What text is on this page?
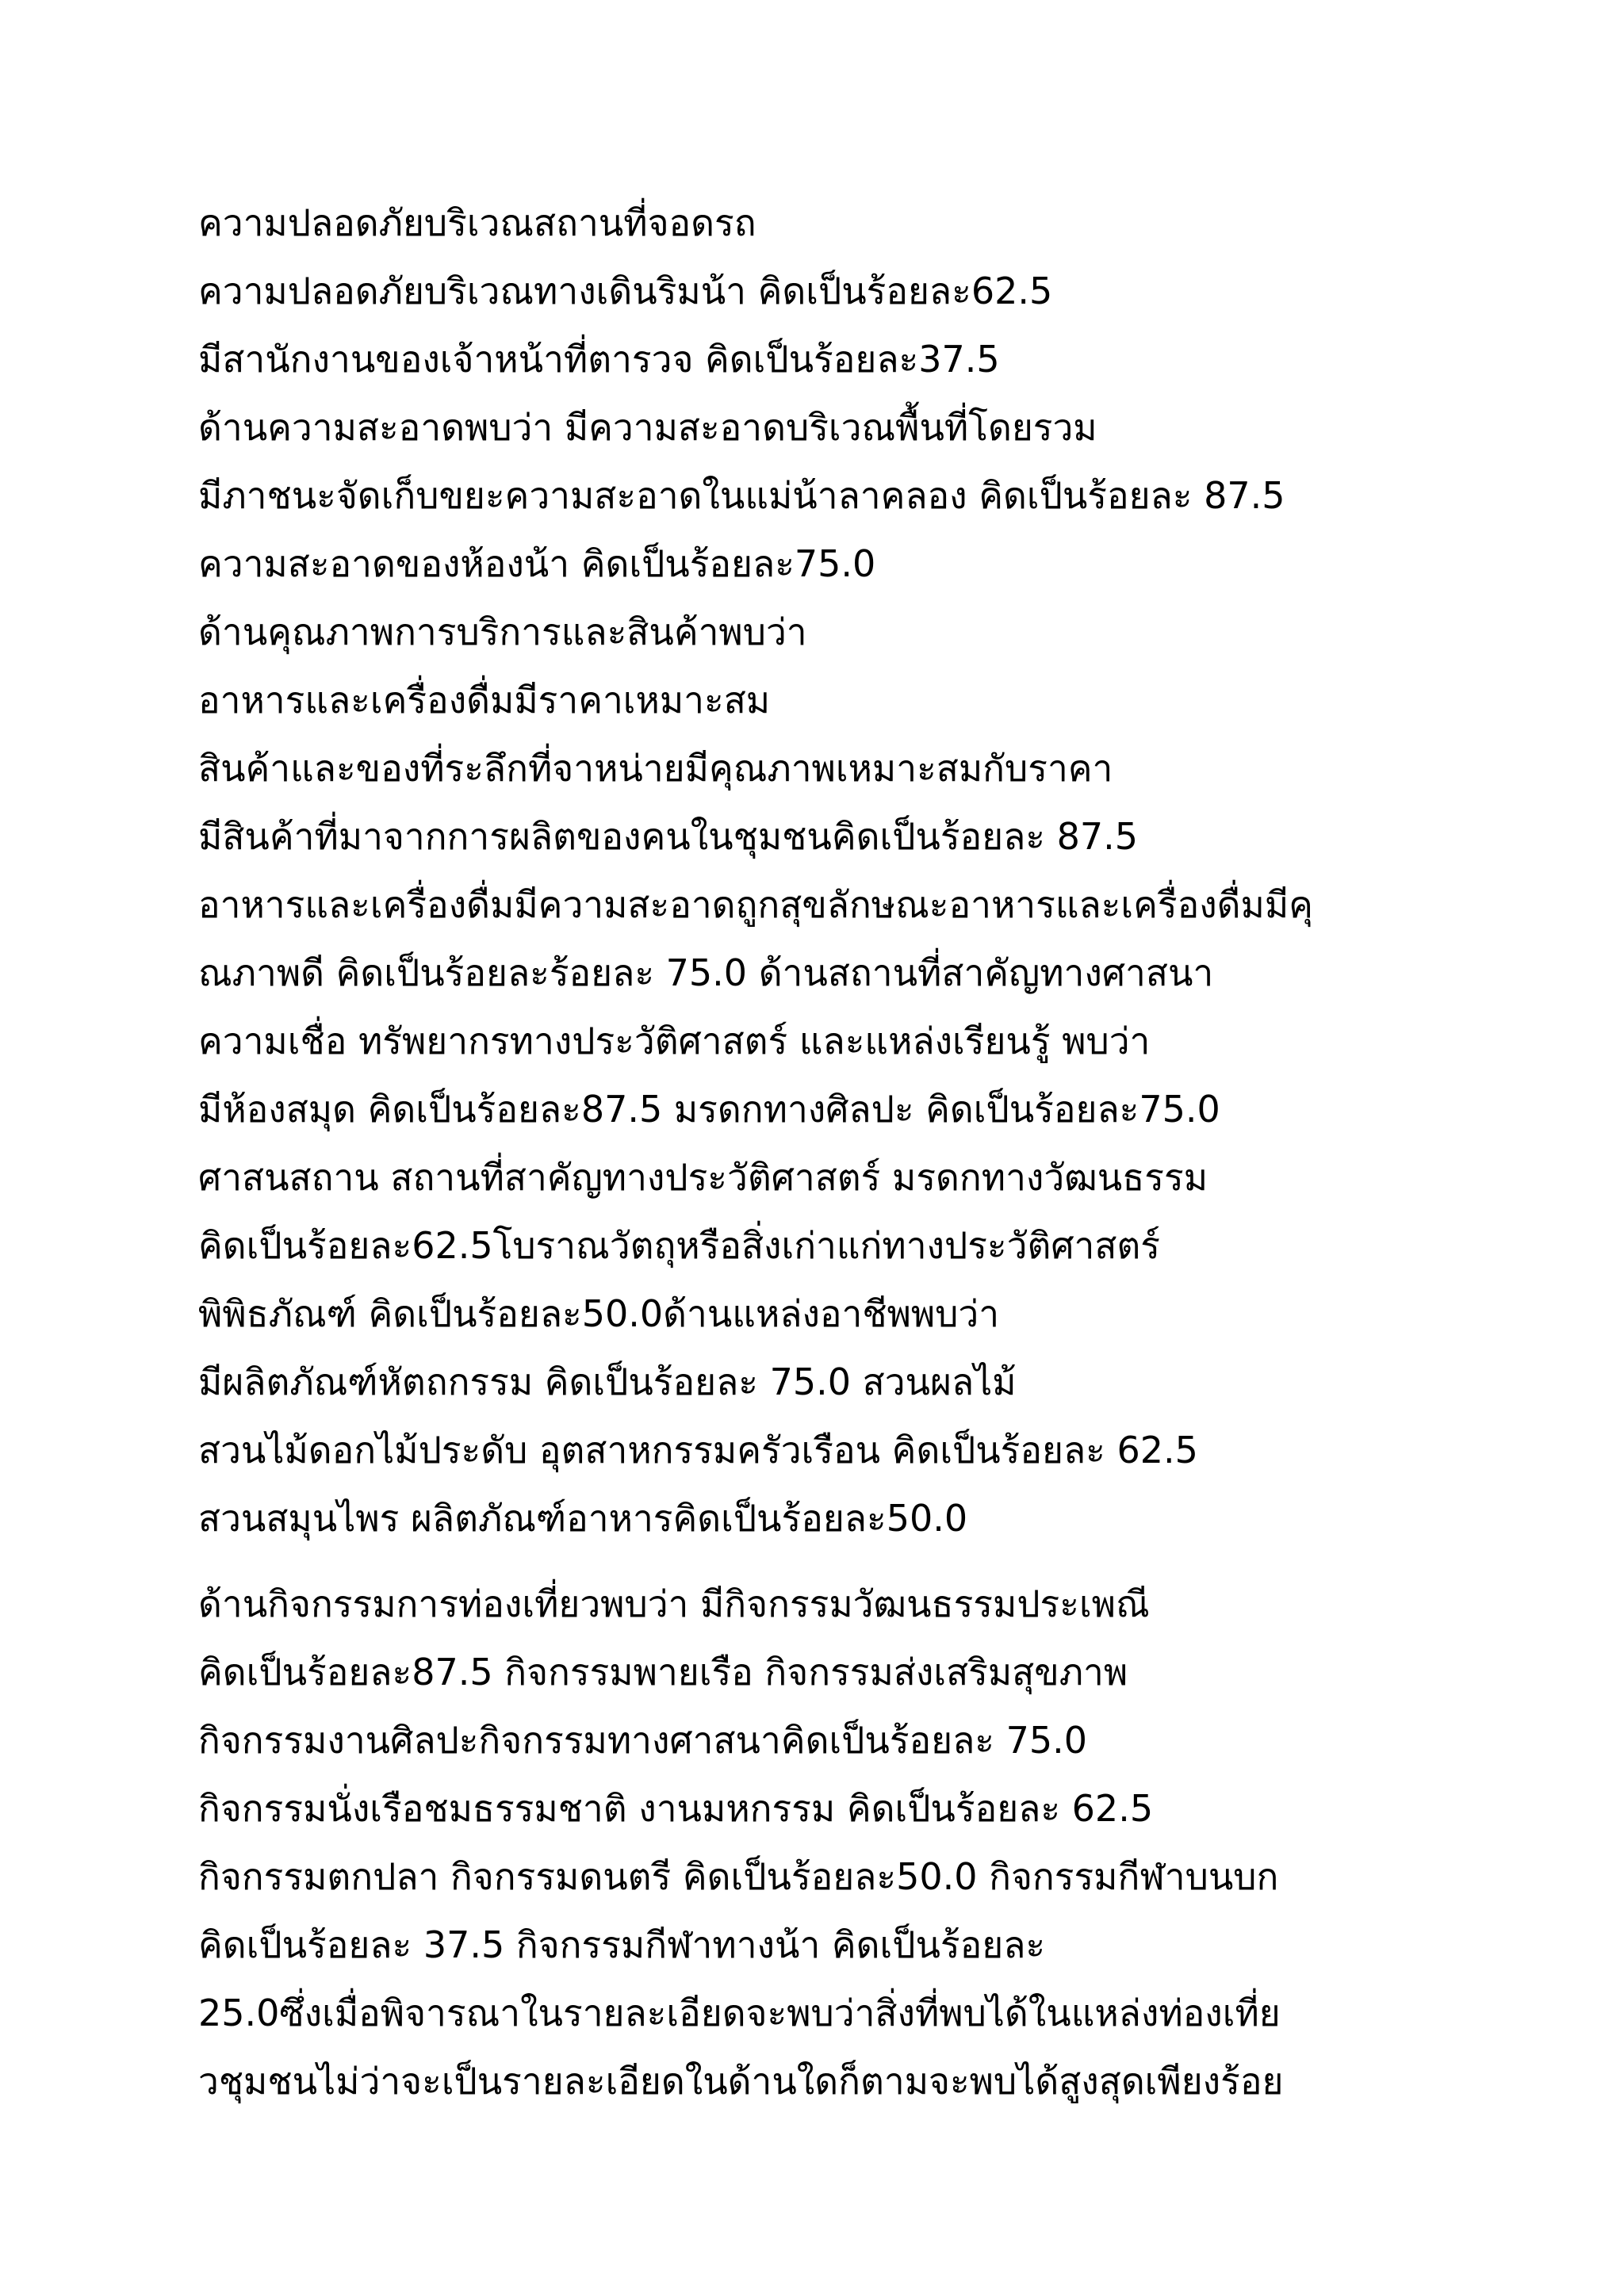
ความปลอดภัยบริเวณสถานที่จอดรถ
ความปลอดภัยบริเวณทางเดินริมน้า คิดเป็นร้อยละ62.5
มีสานักงานของเจ้าหน้าที่ตารวจ คิดเป็นร้อยละ37.5
ด้านความสะอาดพบว่า มีความสะอาดบริเวณพื้นที่โดยรวม
มีภาชนะจัดเก็บขยะความสะอาดในแม่น้าลาคลอง คิดเป็นร้อยละ 87.5
ความสะอาดของห้องน้า คิดเป็นร้อยละ75.0
ด้านคุณภาพการบริการและสินค้าพบว่า
อาหารและเครื่องดื่มมีราคาเหมาะสม
สินค้าและของที่ระลึกที่จาหน่ายมีคุณภาพเหมาะสมกับราคา
มีสินค้าที่มาจากการผลิตของคนในชุมชนคิดเป็นร้อยละ 87.5
อาหารและเครื่องดื่มมีความสะอาดถูกสุขลักษณะอาหารและเครื่องดื่มมีคุ
ณภาพดี คิดเป็นร้อยละร้อยละ 75.0 ด้านสถานที่สาคัญทางศาสนา
ความเชื่อ ทรัพยากรทางประวัติศาสตร์ และแหล่งเรียนรู้ พบว่า
มีห้องสมุด คิดเป็นร้อยละ87.5 มรดกทางศิลปะ คิดเป็นร้อยละ75.0
ศาสนสถาน สถานที่สาคัญทางประวัติศาสตร์ มรดกทางวัฒนธรรม
คิดเป็นร้อยละ62.5โบราณวัตถุหรือสิ่งเก่าแก่ทางประวัติศาสตร์
พิพิธภัณฑ์ คิดเป็นร้อยละ50.0ด้านแหล่งอาชีพพบว่า
มีผลิตภัณฑ์หัตถกรรม คิดเป็นร้อยละ 75.0 สวนผลไม้
สวนไม้ดอกไม้ประดับ อุตสาหกรรมครัวเรือน คิดเป็นร้อยละ 62.5
สวนสมุนไพร ผลิตภัณฑ์อาหารคิดเป็นร้อยละ50.0
ด้านกิจกรรมการท่องเที่ยวพบว่า มีกิจกรรมวัฒนธรรมประเพณี
คิดเป็นร้อยละ87.5 กิจกรรมพายเรือ กิจกรรมส่งเสริมสุขภาพ
กิจกรรมงานศิลปะกิจกรรมทางศาสนาคิดเป็นร้อยละ 75.0
กิจกรรมนั่งเรือชมธรรมชาติ งานมหกรรม คิดเป็นร้อยละ 62.5
กิจกรรมตกปลา กิจกรรมดนตรี คิดเป็นร้อยละ50.0 กิจกรรมกีฬาบนบก
คิดเป็นร้อยละ 37.5 กิจกรรมกีฬาทางน้า คิดเป็นร้อยละ
25.0ซึ่งเมื่อพิจารณาในรายละเอียดจะพบว่าสิ่งที่พบได้ในแหล่งท่องเที่ย
วชุมชนไม่ว่าจะเป็นรายละเอียดในด้านใดก็ตามจะพบได้สูงสุดเพียงร้อย
